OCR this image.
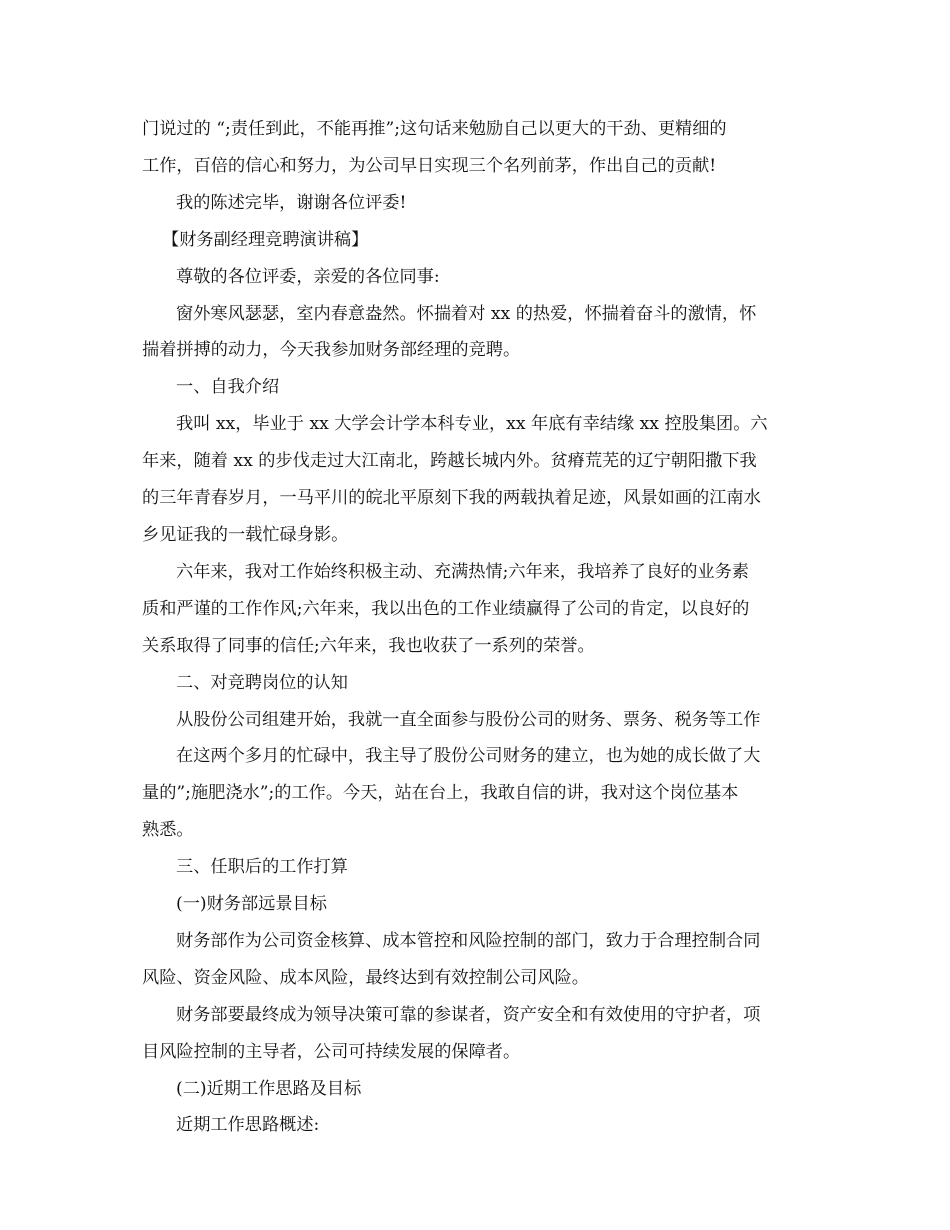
门说过的 “;责任到此，不能再推”;这句话来勉励自己以更大的干劲、更精细的

工作，百倍的信心和努力，为公司早日实现三个名列前茅，作出自己的贡献!

我的陈述完毕，谢谢各位评委!

【财务副经理竞聘演讲稿】

尊敬的各位评委，亲爱的各位同事:

窗外寒风瑟瑟，室内春意盎然。怀揣着对 xx 的热爱，怀揣着奋斗的激情，怀

揣着拼搏的动力，今天我参加财务部经理的竞聘。

一、自我介绍

我叫 xx，毕业于 xx 大学会计学本科专业，xx 年底有幸结缘 xx 控股集团。六

年来，随着 xx 的步伐走过大江南北，跨越长城内外。贫瘠荒芜的辽宁朝阳撒下我

的三年青春岁月，一马平川的皖北平原刻下我的两载执着足迹，风景如画的江南水

乡见证我的一载忙碌身影。

六年来，我对工作始终积极主动、充满热情;六年来，我培养了良好的业务素

质和严谨的工作作风;六年来，我以出色的工作业绩赢得了公司的肯定，以良好的

关系取得了同事的信任;六年来，我也收获了一系列的荣誉。

二、对竞聘岗位的认知

从股份公司组建开始，我就一直全面参与股份公司的财务、票务、税务等工作

在这两个多月的忙碌中，我主导了股份公司财务的建立，也为她的成长做了大

量的”;施肥浇水”;的工作。今天，站在台上，我敢自信的讲，我对这个岗位基本

熟悉。

三、任职后的工作打算

(一)财务部远景目标

财务部作为公司资金核算、成本管控和风险控制的部门，致力于合理控制合同

风险、资金风险、成本风险，最终达到有效控制公司风险。

财务部要最终成为领导决策可靠的参谋者，资产安全和有效使用的守护者，项

目风险控制的主导者，公司可持续发展的保障者。

(二)近期工作思路及目标

近期工作思路概述:
